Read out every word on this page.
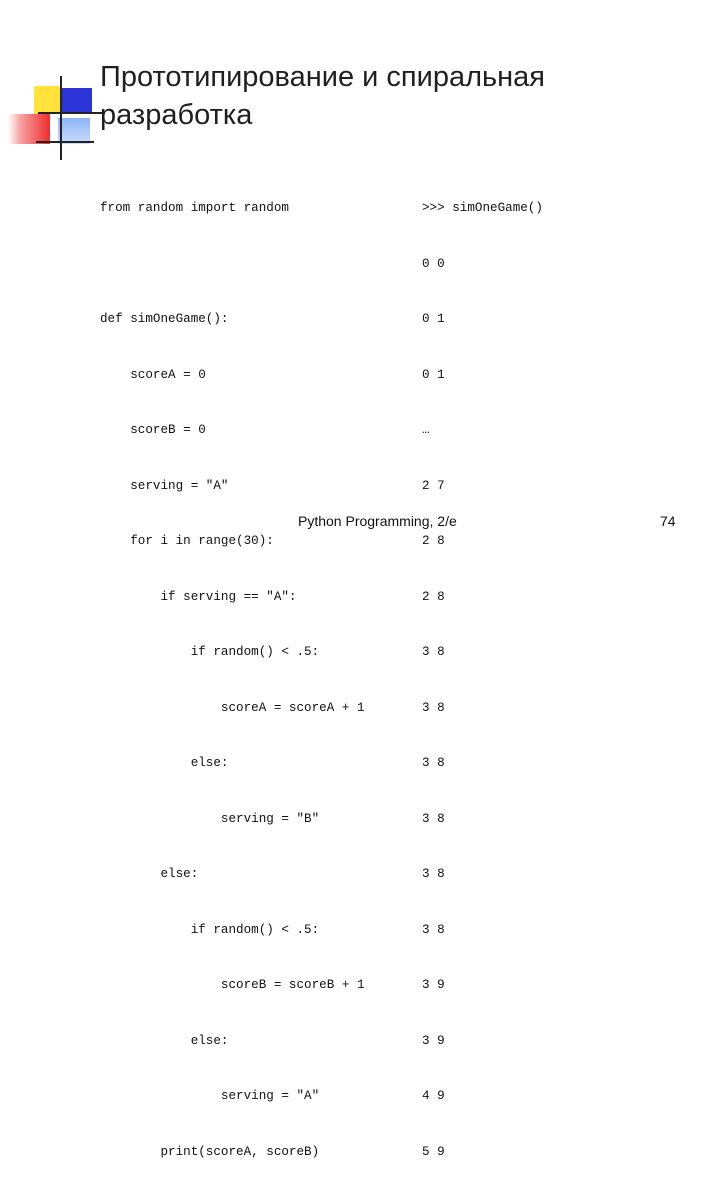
Прототипирование и спиральная
разработка

from random import random

def simOneGame():

scoreA = 0

scoreB = 0

serving = "A"

for i in range(30):

if serving == "A":

if random() < .5:

scoreA = scoreA + 1

else:

serving = "B"

else:

if random() < .5:

scoreB = scoreB + 1

else:

serving = "A"

print(scoreA, scoreB)

>>> simOneGame()

0 0

0 1

0 1

…

2 7

2 8

2 8

3 8

3 8

3 8

3 8

3 8

3 8

3 9

3 9

4 9

5 9

Python Programming, 2/e	74
